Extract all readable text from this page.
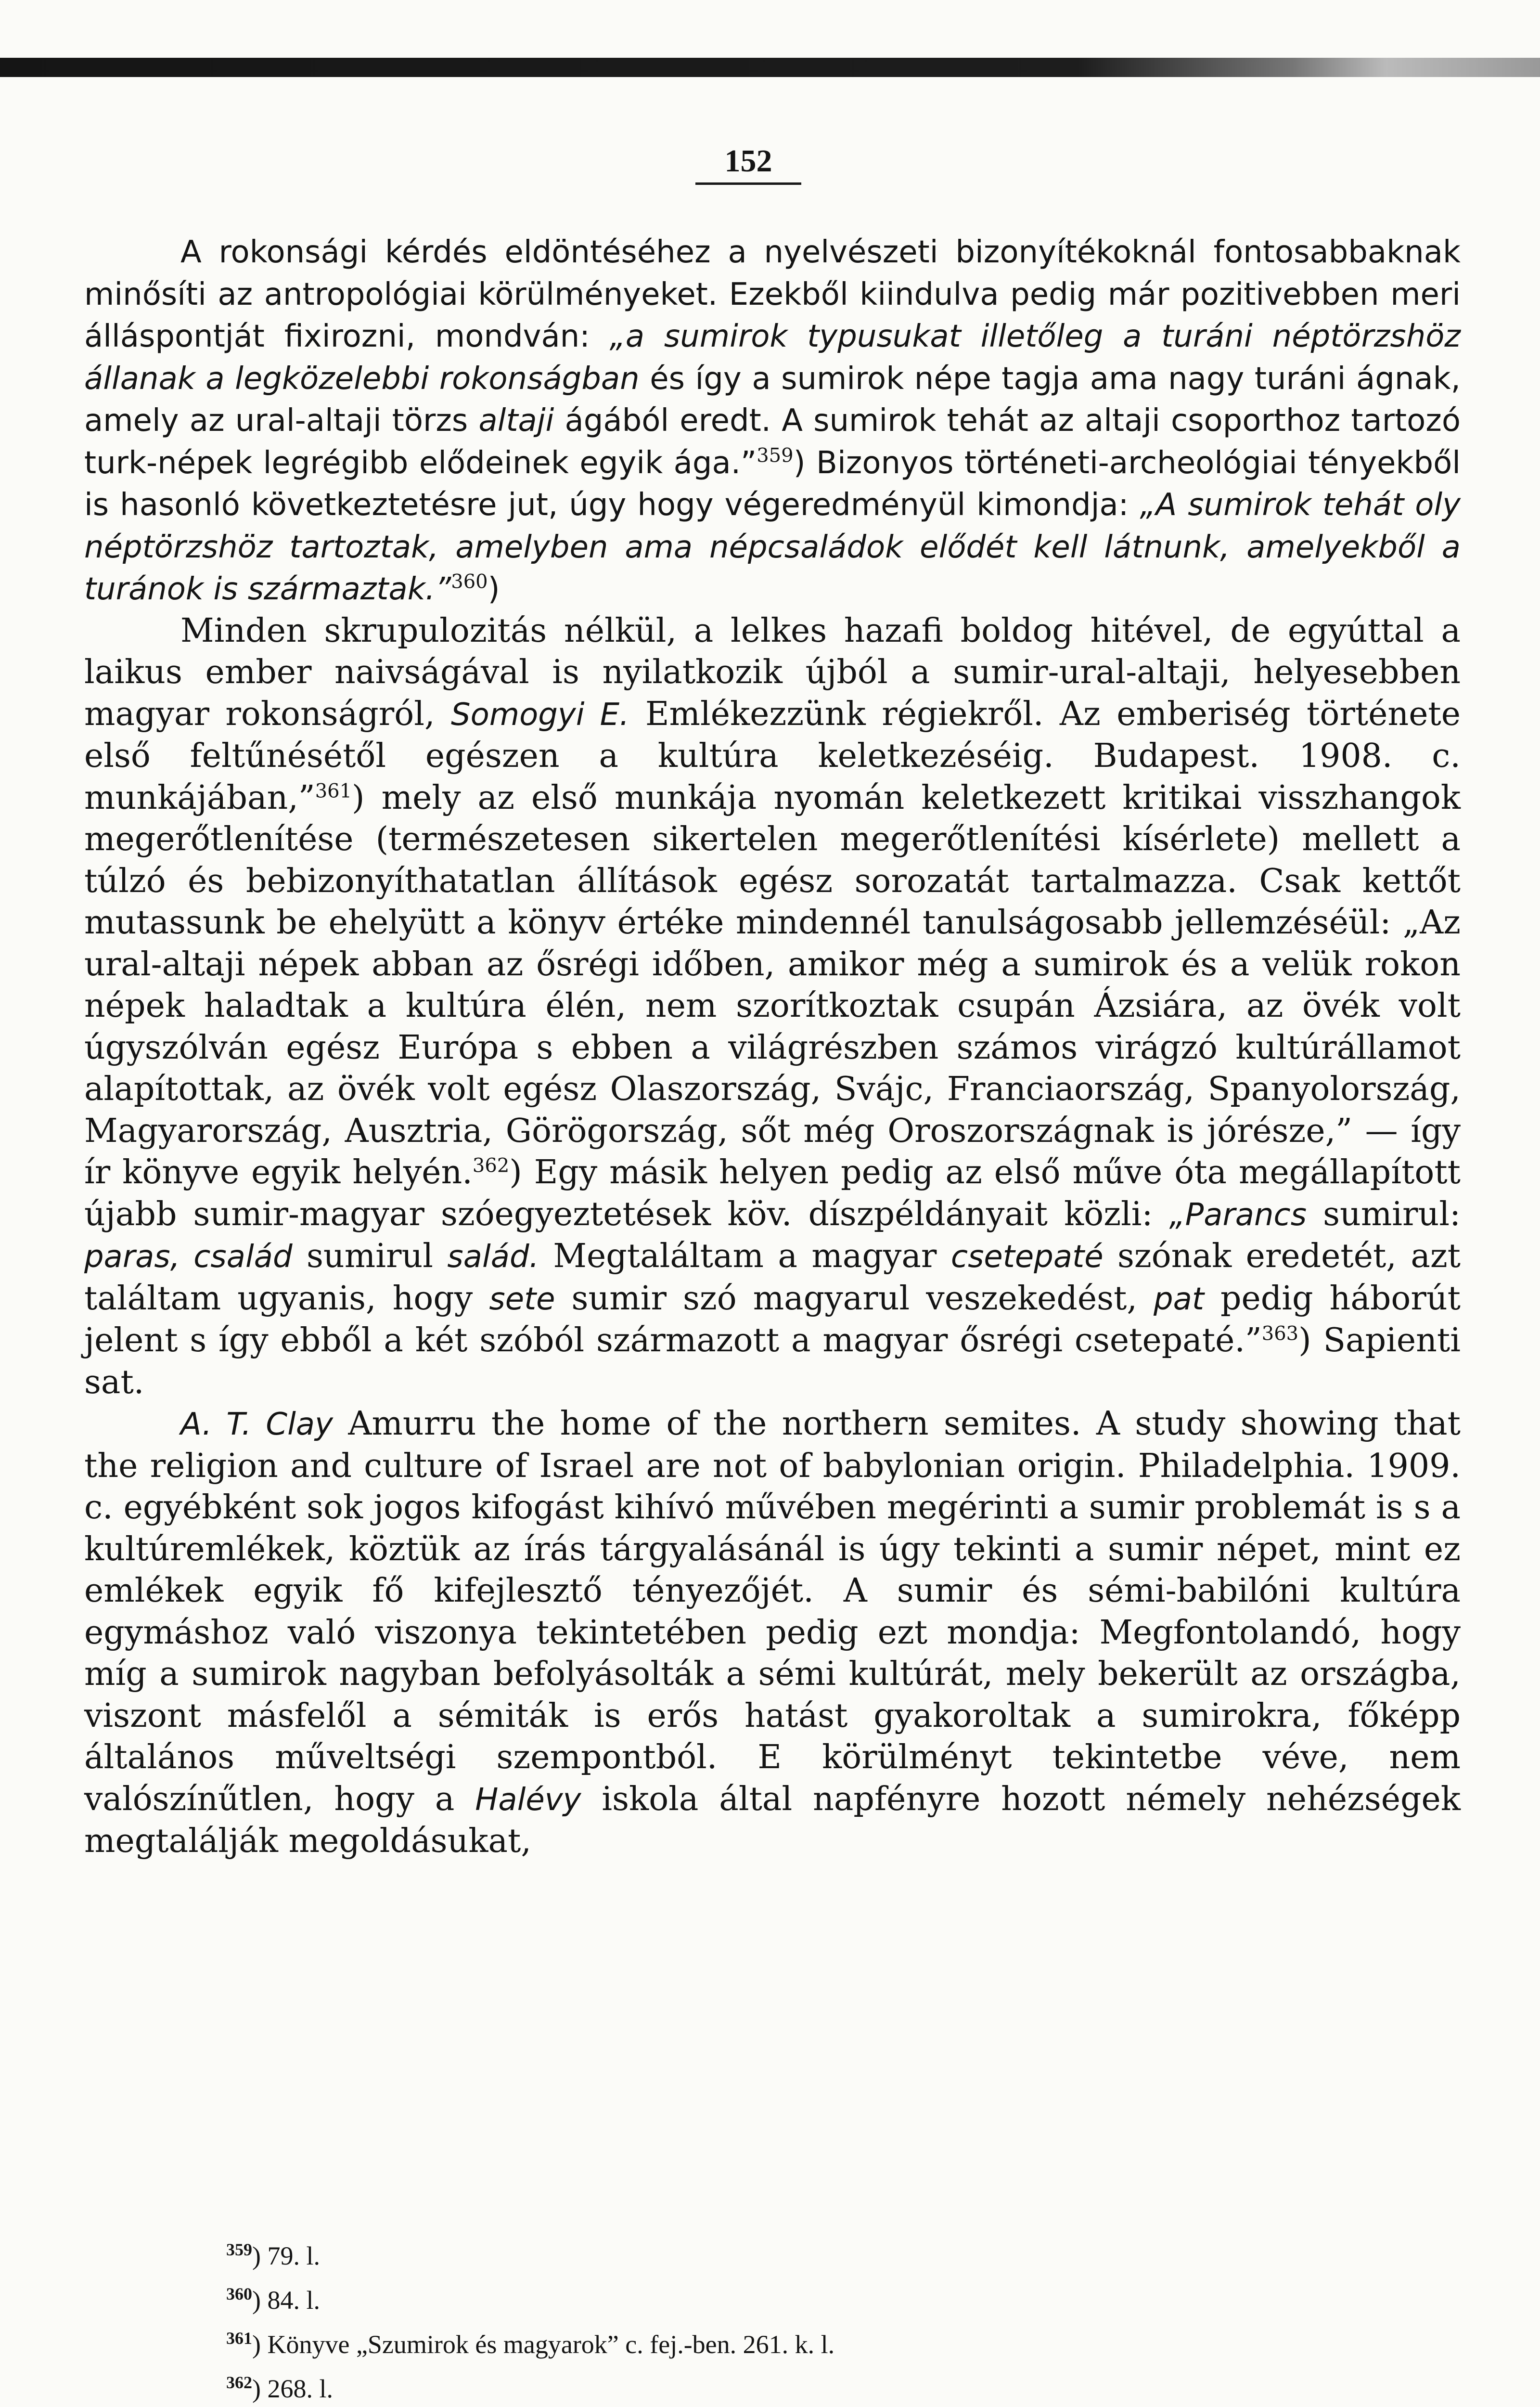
152

A rokonsági kérdés eldöntéséhez a nyelvészeti bizonyítékoknál fontosabbaknak minősíti az antropológiai körülményeket. Ezekből kiindulva pedig már pozitivebben meri álláspontját fixirozni, mondván: „a sumirok typusukat illetőleg a turáni néptörzshöz állanak a legközelebbi rokonságban és így a sumirok népe tagja ama nagy turáni ágnak, amely az ural-altaji törzs altaji ágából eredt. A sumirok tehát az altaji csoporthoz tartozó turk-népek legrégibb elődeinek egyik ága.”$^{359}$) Bizonyos történeti-archeológiai tényekből is hasonló következtetésre jut, úgy hogy végeredményül kimondja: „A sumirok tehát oly néptörzshöz tartoztak, amelyben ama népcsaládok elődét kell látnunk, amelyekből a turánok is származtak.”$^{360}$)

Minden skrupulozitás nélkül, a lelkes hazafi boldog hitével, de egyúttal a laikus ember naivságával is nyilatkozik újból a sumir-ural-altaji, helyesebben magyar rokonságról, Somogyi E. Emlékezzünk régiekről. Az emberiség története első feltűnésétől egészen a kultúra keletkezéséig. Budapest. 1908. c. munkájában,”$^{361}$) mely az első munkája nyomán keletkezett kritikai visszhangok megerőtlenítése (természetesen sikertelen megerőtlenítési kísérlete) mellett a túlzó és bebizonyíthatatlan állítások egész sorozatát tartalmazza. Csak kettőt mutassunk be ehelyütt a könyv értéke mindennél tanulságosabb jellemzéséül: „Az ural-altaji népek abban az ősrégi időben, amikor még a sumirok és a velük rokon népek haladtak a kultúra élén, nem szorítkoztak csupán Ázsiára, az övék volt úgyszólván egész Európa s ebben a világrészben számos virágzó kultúrállamot alapítottak, az övék volt egész Olaszország, Svájc, Franciaország, Spanyolország, Magyarország, Ausztria, Görögország, sőt még Oroszországnak is jórésze,” — így ír könyve egyik helyén.$^{362}$) Egy másik helyen pedig az első műve óta megállapított újabb sumir-magyar szóegyeztetések köv. díszpéldányait közli: „Parancs sumirul: paras, család sumirul salád. Megtaláltam a magyar csetepaté szónak eredetét, azt találtam ugyanis, hogy sete sumir szó magyarul veszekedést, pat pedig háborút jelent s így ebből a két szóból származott a magyar ősrégi csetepaté.”$^{363}$) Sapienti sat.

A. T. Clay Amurru the home of the northern semites. A study showing that the religion and culture of Israel are not of babylonian origin. Philadelphia. 1909. c. egyébként sok jogos kifogást kihívó művében megérinti a sumir problemát is s a kultúremlékek, köztük az írás tárgyalásánál is úgy tekinti a sumir népet, mint ez emlékek egyik fő kifejlesztő tényezőjét. A sumir és sémi-babilóni kultúra egymáshoz való viszonya tekintetében pedig ezt mondja: Megfontolandó, hogy míg a sumirok nagyban befolyásolták a sémi kultúrát, mely bekerült az országba, viszont másfelől a sémiták is erős hatást gyakoroltak a sumirokra, főképp általános műveltségi szempontból. E körülményt tekintetbe véve, nem valószínűtlen, hogy a Halévy iskola által napfényre hozott némely nehézségek megtalálják megoldásukat,

$^{359}$) 79. l.
$^{360}$) 84. l.
$^{361}$) Könyve „Szumirok és magyarok” c. fej.-ben. 261. k. l.
$^{362}$) 268. l.
